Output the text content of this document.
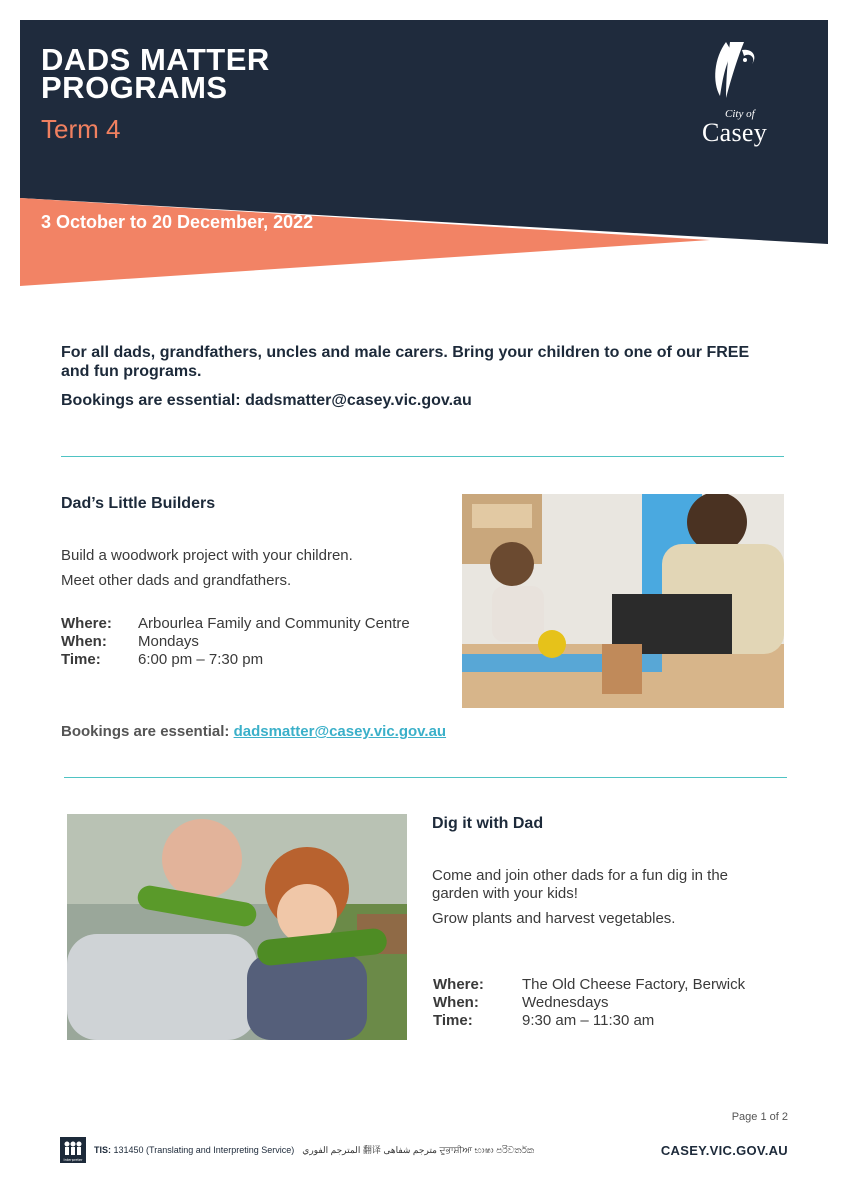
DADS MATTER
PROGRAMS
Term 4
3 October to 20 December, 2022
City of
Casey

For all dads, grandfathers, uncles and male carers. Bring your children to one of our FREE and fun programs.

Bookings are essential: dadsmatter@casey.vic.gov.au

Dad’s Little Builders

Build a woodwork project with your children.

Meet other dads and grandfathers.

Where:	Arbourlea Family and Community Centre
When:	Mondays
Time:	6:00 pm – 7:30 pm
Bookings are essential: dadsmatter@casey.vic.gov.au
Dig it with Dad

Come and join other dads for a fun dig in the garden with your kids!

Grow plants and harvest vegetables.

Where:	The Old Cheese Factory, Berwick
When:	Wednesdays
Time:	9:30 am – 11:30 am
Page 1 of 2
Interpreter
TIS: 131450 (Translating and Interpreting Service) المترجم الفوري 翻译 مترجم شفاهی ਦੁਭਾਸ਼ੀਆ භාෂා පරිවර්තක	CASEY.VIC.GOV.AU
